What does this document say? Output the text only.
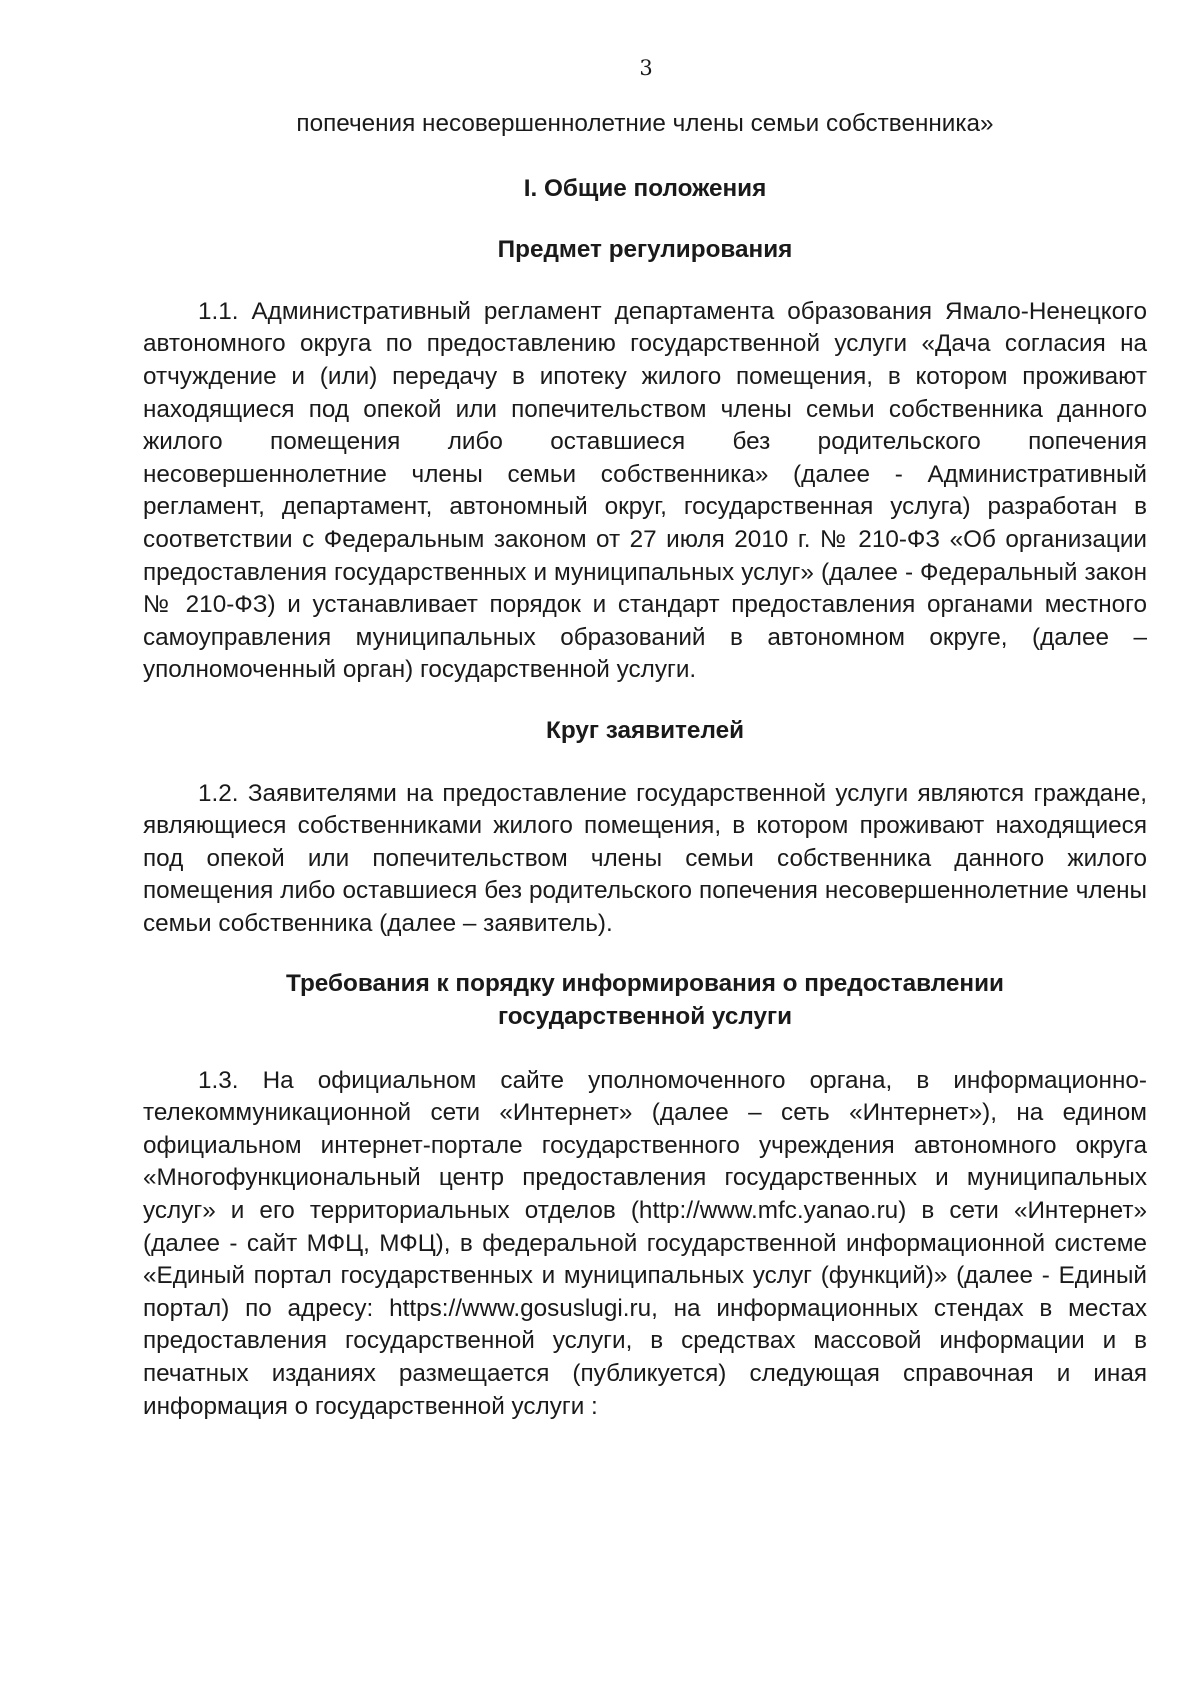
3

попечения несовершеннолетние члены семьи собственника»

I. Общие положения

Предмет регулирования

1.1. Административный регламент департамента образования Ямало-Ненецкого автономного округа по предоставлению государственной услуги «Дача согласия на отчуждение и (или) передачу в ипотеку жилого помещения, в котором проживают находящиеся под опекой или попечительством члены семьи собственника данного жилого помещения либо оставшиеся без родительского попечения несовершеннолетние члены семьи собственника» (далее - Административный регламент, департамент, автономный округ, государственная услуга) разработан в соответствии с Федеральным законом от 27 июля 2010 г. № 210-ФЗ «Об организации предоставления государственных и муниципальных услуг» (далее - Федеральный закон № 210-ФЗ) и устанавливает порядок и стандарт предоставления органами местного самоуправления муниципальных образований в автономном округе, (далее – уполномоченный орган) государственной услуги.

Круг заявителей

1.2. Заявителями на предоставление государственной услуги являются граждане, являющиеся собственниками жилого помещения, в котором проживают находящиеся под опекой или попечительством члены семьи собственника данного жилого помещения либо оставшиеся без родительского попечения несовершеннолетние члены семьи собственника (далее – заявитель).

Требования к порядку информирования о предоставлении

государственной услуги

1.3. На официальном сайте уполномоченного органа, в информационно-телекоммуникационной сети «Интернет» (далее – сеть «Интернет»), на едином официальном интернет-портале государственного учреждения автономного округа «Многофункциональный центр предоставления государственных и муниципальных услуг» и его территориальных отделов (http://www.mfc.yanao.ru) в сети «Интернет» (далее - сайт МФЦ, МФЦ), в федеральной государственной информационной системе «Единый портал государственных и муниципальных услуг (функций)» (далее - Единый портал) по адресу: https://www.gosuslugi.ru, на информационных стендах в местах предоставления государственной услуги, в средствах массовой информации и в печатных изданиях размещается (публикуется) следующая справочная и иная информация о государственной услуги :
